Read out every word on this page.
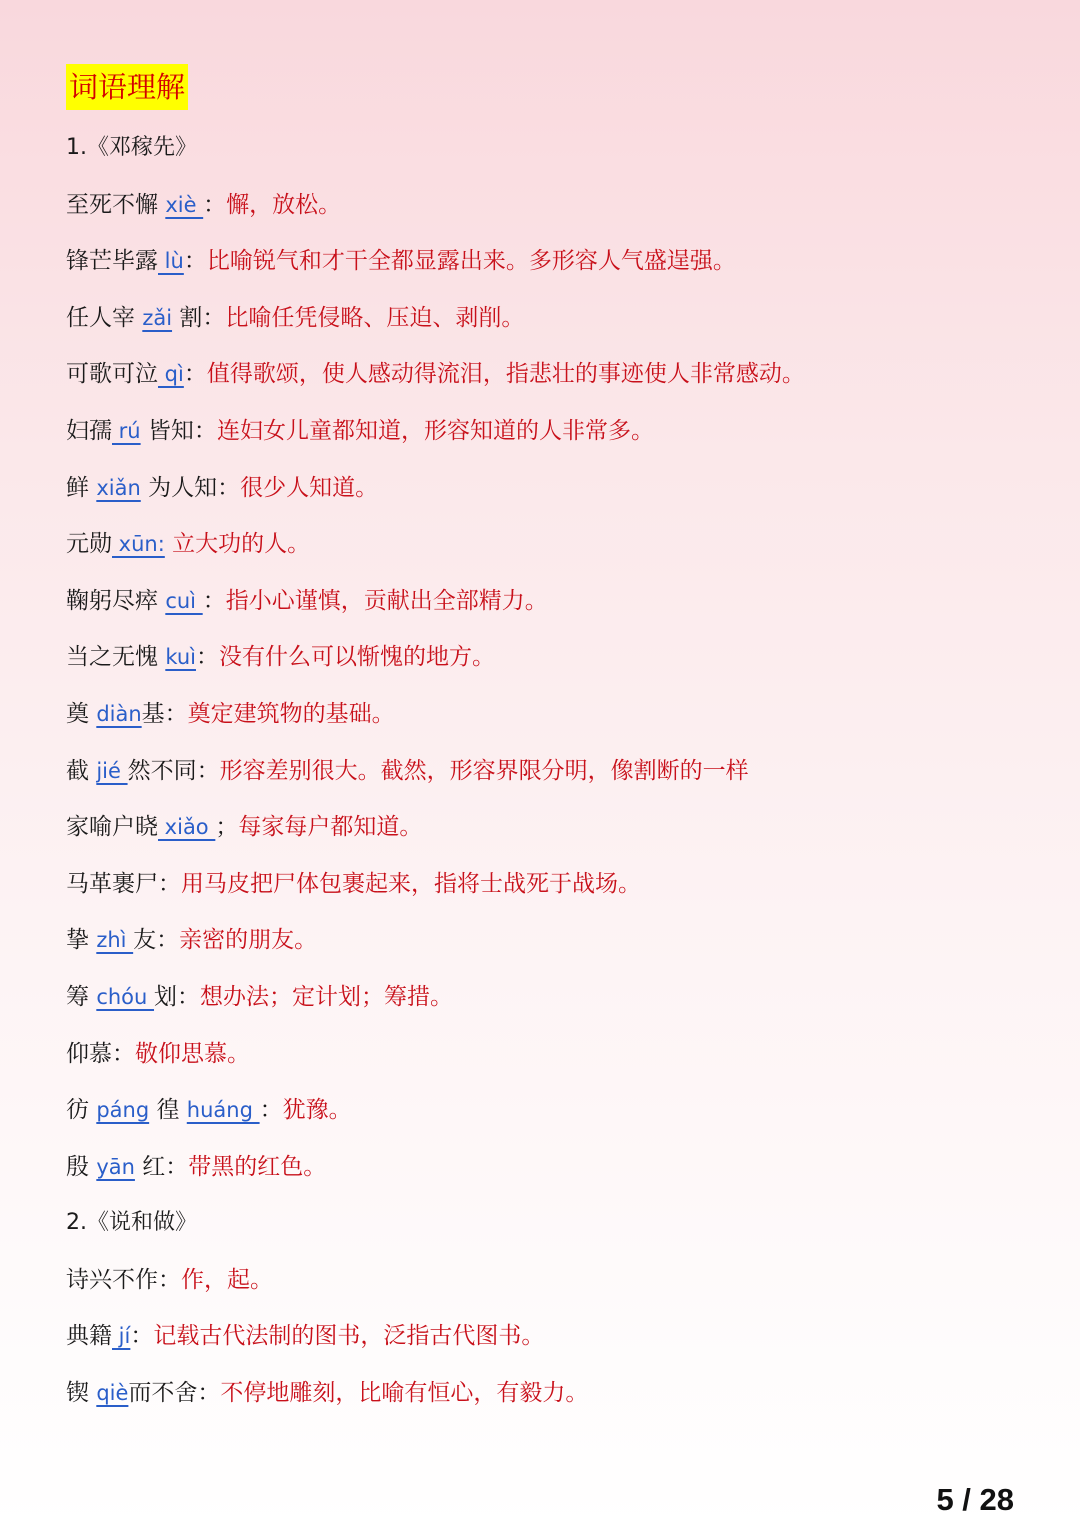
词语理解
1.《邓稼先》
至死不懈 xiè ：懈，放松。
锋芒毕露 lù：比喻锐气和才干全都显露出来。多形容人气盛逞强。
任人宰 zǎi 割：比喻任凭侵略、压迫、剥削。
可歌可泣 qì：值得歌颂，使人感动得流泪，指悲壮的事迹使人非常感动。
妇孺 rú 皆知：连妇女儿童都知道，形容知道的人非常多。
鲜 xiǎn 为人知：很少人知道。
元勋 xūn: 立大功的人。
鞠躬尽瘁 cuì ：指小心谨慎，贡献出全部精力。
当之无愧 kuì：没有什么可以惭愧的地方。
奠 diàn基：奠定建筑物的基础。
截 jié 然不同：形容差别很大。截然，形容界限分明，像割断的一样
家喻户晓 xiǎo ；每家每户都知道。
马革裹尸：用马皮把尸体包裹起来，指将士战死于战场。
挚 zhì 友：亲密的朋友。
筹 chóu 划：想办法；定计划；筹措。
仰慕：敬仰思慕。
彷 páng 徨 huáng ：犹豫。
殷 yān 红：带黑的红色。
2.《说和做》
诗兴不作：作，起。
典籍 jí：记载古代法制的图书，泛指古代图书。
锲 qiè而不舍：不停地雕刻，比喻有恒心，有毅力。
5 / 28
